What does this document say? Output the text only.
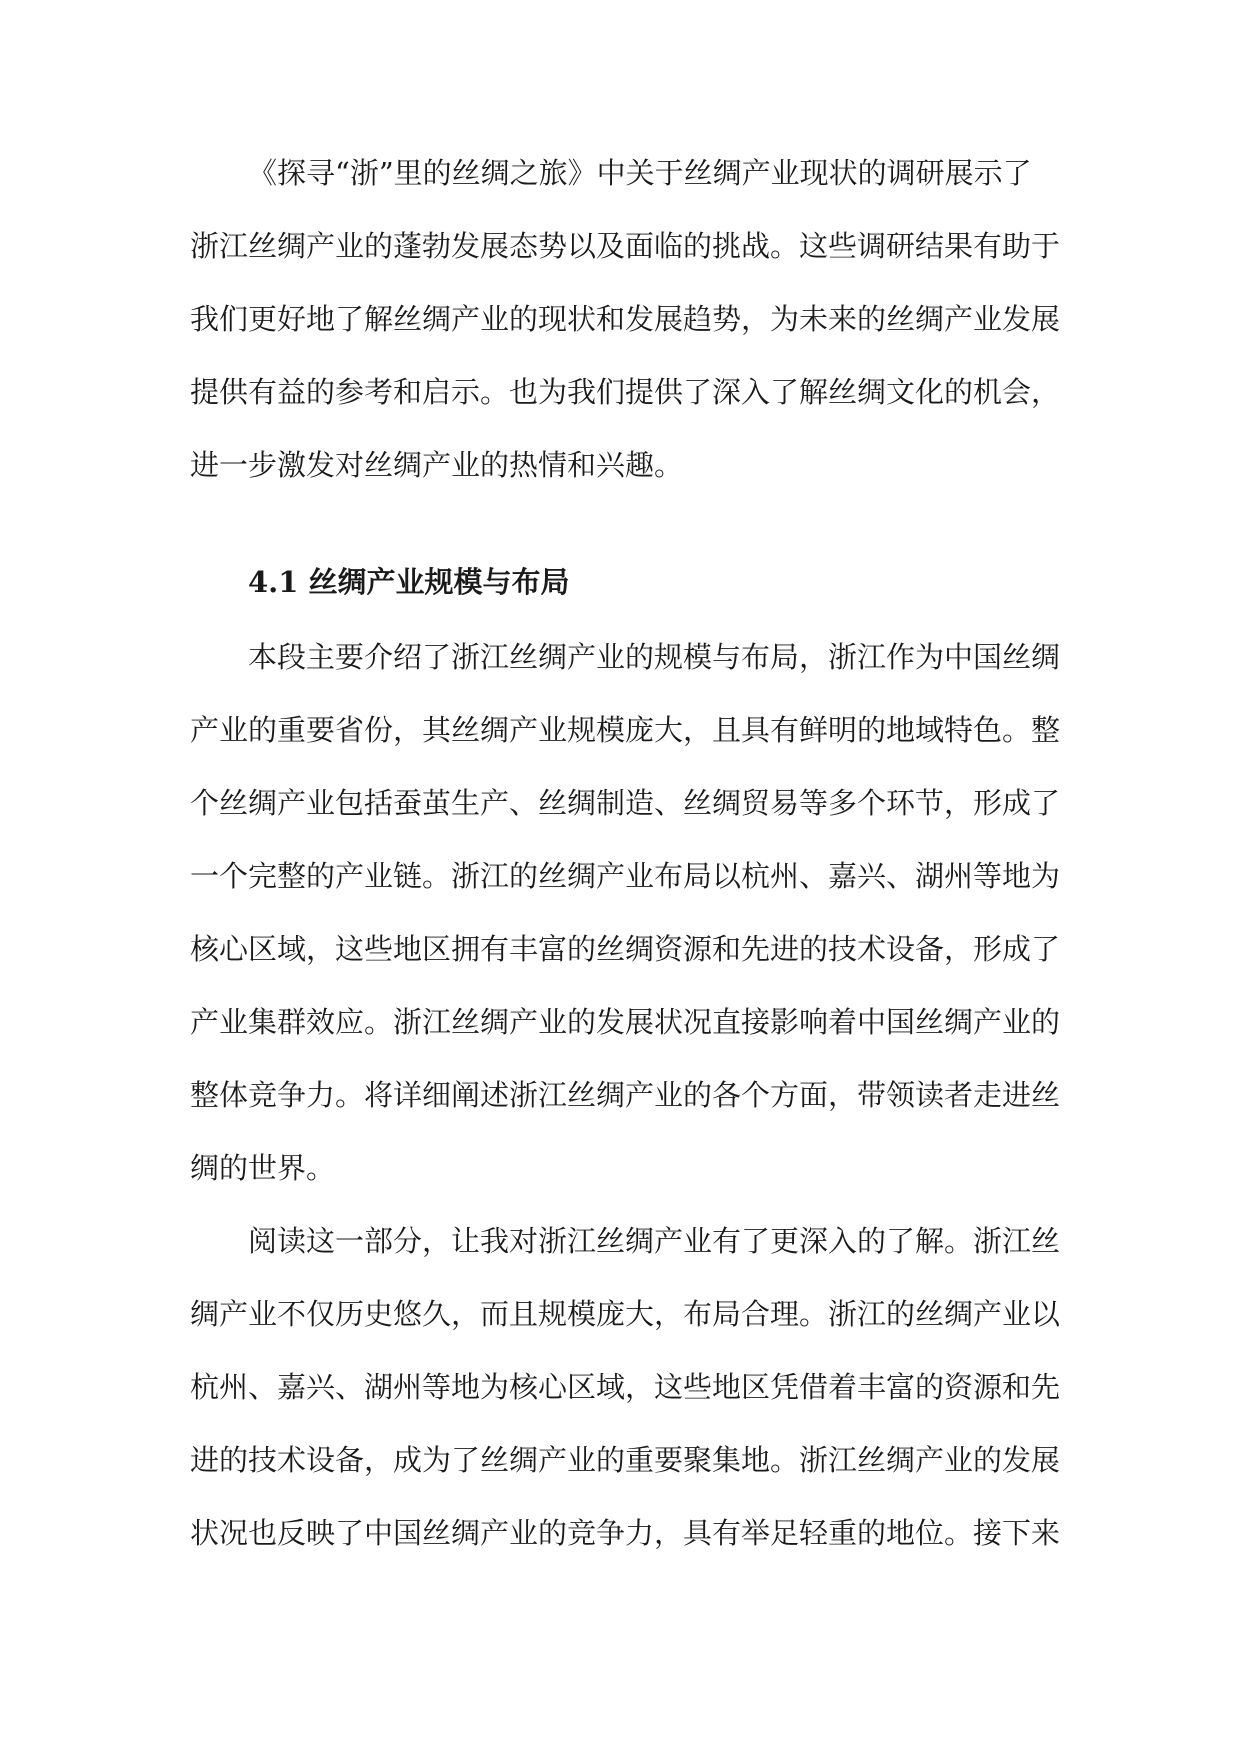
《探寻“浙”里的丝绸之旅》中关于丝绸产业现状的调研展示了
浙江丝绸产业的蓬勃发展态势以及面临的挑战。这些调研结果有助于
我们更好地了解丝绸产业的现状和发展趋势，为未来的丝绸产业发展
提供有益的参考和启示。也为我们提供了深入了解丝绸文化的机会，
进一步激发对丝绸产业的热情和兴趣。
4.1 丝绸产业规模与布局
本段主要介绍了浙江丝绸产业的规模与布局，浙江作为中国丝绸
产业的重要省份，其丝绸产业规模庞大，且具有鲜明的地域特色。整
个丝绸产业包括蚕茧生产、丝绸制造、丝绸贸易等多个环节，形成了
一个完整的产业链。浙江的丝绸产业布局以杭州、嘉兴、湖州等地为
核心区域，这些地区拥有丰富的丝绸资源和先进的技术设备，形成了
产业集群效应。浙江丝绸产业的发展状况直接影响着中国丝绸产业的
整体竞争力。将详细阐述浙江丝绸产业的各个方面，带领读者走进丝
绸的世界。
阅读这一部分，让我对浙江丝绸产业有了更深入的了解。浙江丝
绸产业不仅历史悠久，而且规模庞大，布局合理。浙江的丝绸产业以
杭州、嘉兴、湖州等地为核心区域，这些地区凭借着丰富的资源和先
进的技术设备，成为了丝绸产业的重要聚集地。浙江丝绸产业的发展
状况也反映了中国丝绸产业的竞争力，具有举足轻重的地位。接下来
